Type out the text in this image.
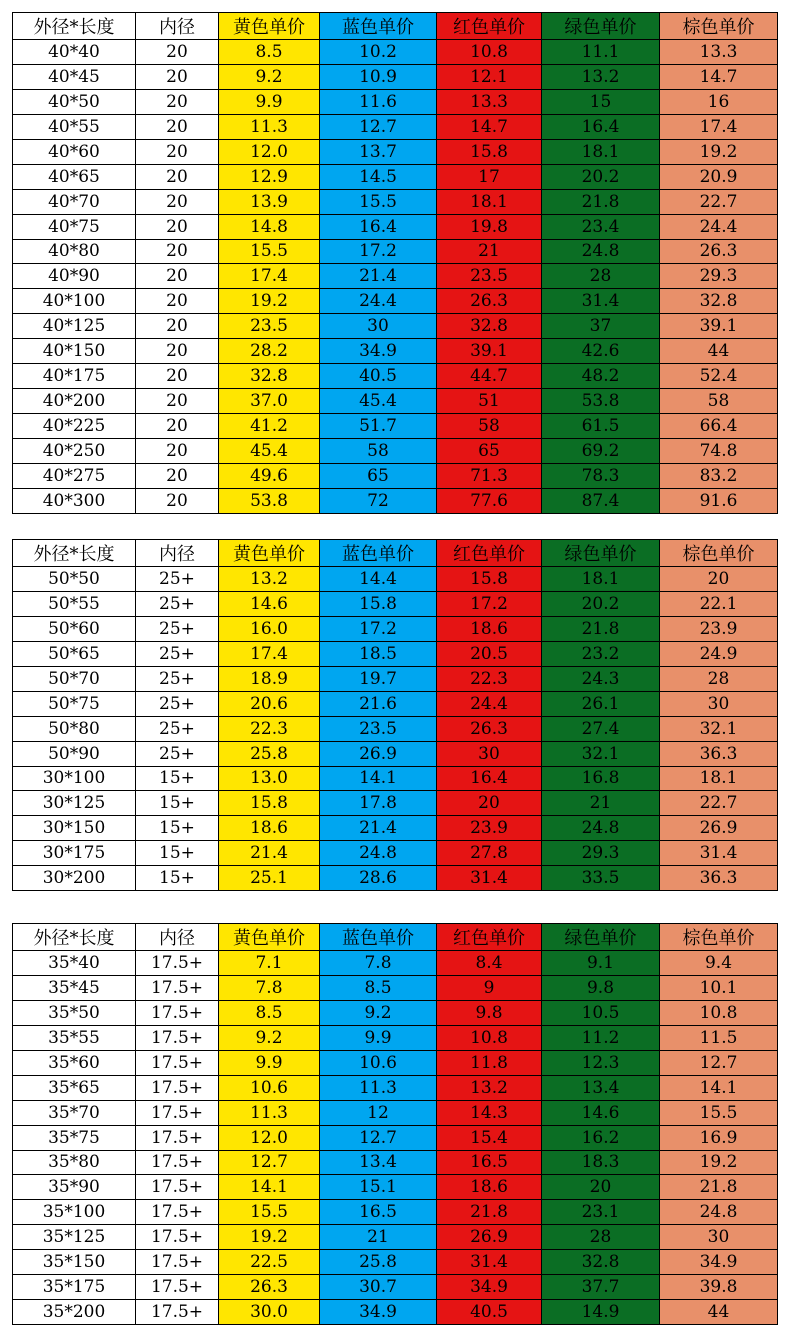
外径*长度	内径	黄色单价	蓝色单价	红色单价	绿色单价	棕色单价
40*40	20	8.5	10.2	10.8	11.1	13.3
40*45	20	9.2	10.9	12.1	13.2	14.7
40*50	20	9.9	11.6	13.3	15	16
40*55	20	11.3	12.7	14.7	16.4	17.4
40*60	20	12.0	13.7	15.8	18.1	19.2
40*65	20	12.9	14.5	17	20.2	20.9
40*70	20	13.9	15.5	18.1	21.8	22.7
40*75	20	14.8	16.4	19.8	23.4	24.4
40*80	20	15.5	17.2	21	24.8	26.3
40*90	20	17.4	21.4	23.5	28	29.3
40*100	20	19.2	24.4	26.3	31.4	32.8
40*125	20	23.5	30	32.8	37	39.1
40*150	20	28.2	34.9	39.1	42.6	44
40*175	20	32.8	40.5	44.7	48.2	52.4
40*200	20	37.0	45.4	51	53.8	58
40*225	20	41.2	51.7	58	61.5	66.4
40*250	20	45.4	58	65	69.2	74.8
40*275	20	49.6	65	71.3	78.3	83.2
40*300	20	53.8	72	77.6	87.4	91.6
外径*长度	内径	黄色单价	蓝色单价	红色单价	绿色单价	棕色单价
50*50	25+	13.2	14.4	15.8	18.1	20
50*55	25+	14.6	15.8	17.2	20.2	22.1
50*60	25+	16.0	17.2	18.6	21.8	23.9
50*65	25+	17.4	18.5	20.5	23.2	24.9
50*70	25+	18.9	19.7	22.3	24.3	28
50*75	25+	20.6	21.6	24.4	26.1	30
50*80	25+	22.3	23.5	26.3	27.4	32.1
50*90	25+	25.8	26.9	30	32.1	36.3
30*100	15+	13.0	14.1	16.4	16.8	18.1
30*125	15+	15.8	17.8	20	21	22.7
30*150	15+	18.6	21.4	23.9	24.8	26.9
30*175	15+	21.4	24.8	27.8	29.3	31.4
30*200	15+	25.1	28.6	31.4	33.5	36.3
外径*长度	内径	黄色单价	蓝色单价	红色单价	绿色单价	棕色单价
35*40	17.5+	7.1	7.8	8.4	9.1	9.4
35*45	17.5+	7.8	8.5	9	9.8	10.1
35*50	17.5+	8.5	9.2	9.8	10.5	10.8
35*55	17.5+	9.2	9.9	10.8	11.2	11.5
35*60	17.5+	9.9	10.6	11.8	12.3	12.7
35*65	17.5+	10.6	11.3	13.2	13.4	14.1
35*70	17.5+	11.3	12	14.3	14.6	15.5
35*75	17.5+	12.0	12.7	15.4	16.2	16.9
35*80	17.5+	12.7	13.4	16.5	18.3	19.2
35*90	17.5+	14.1	15.1	18.6	20	21.8
35*100	17.5+	15.5	16.5	21.8	23.1	24.8
35*125	17.5+	19.2	21	26.9	28	30
35*150	17.5+	22.5	25.8	31.4	32.8	34.9
35*175	17.5+	26.3	30.7	34.9	37.7	39.8
35*200	17.5+	30.0	34.9	40.5	14.9	44
